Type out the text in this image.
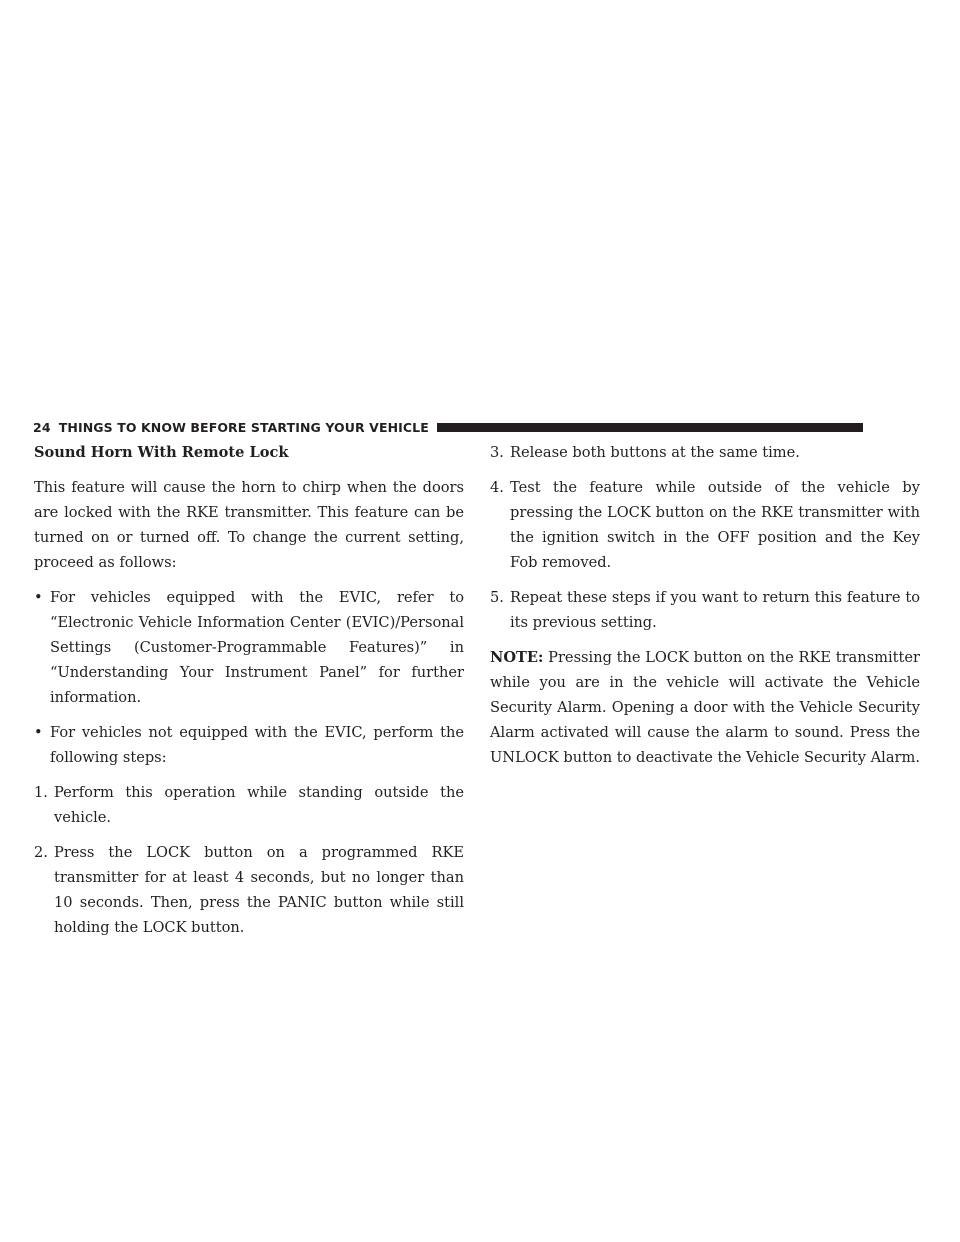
24 THINGS TO KNOW BEFORE STARTING YOUR VEHICLE
Sound Horn With Remote Lock

This feature will cause the horn to chirp when the doors are locked with the RKE transmitter. This feature can be turned on or turned off. To change the current setting, proceed as follows:

• For vehicles equipped with the EVIC, refer to “Electronic Vehicle Information Center (EVIC)/Personal Settings (Customer-Programmable Features)” in “Understanding Your Instrument Panel” for further information.
• For vehicles not equipped with the EVIC, perform the following steps:
1. Perform this operation while standing outside the vehicle.
2. Press the LOCK button on a programmed RKE transmitter for at least 4 seconds, but no longer than 10 seconds. Then, press the PANIC button while still holding the LOCK button.
3. Release both buttons at the same time.
4. Test the feature while outside of the vehicle by pressing the LOCK button on the RKE transmitter with the ignition switch in the OFF position and the Key Fob removed.
5. Repeat these steps if you want to return this feature to its previous setting.

NOTE: Pressing the LOCK button on the RKE transmitter while you are in the vehicle will activate the Vehicle Security Alarm. Opening a door with the Vehicle Security Alarm activated will cause the alarm to sound. Press the UNLOCK button to deactivate the Vehicle Security Alarm.
